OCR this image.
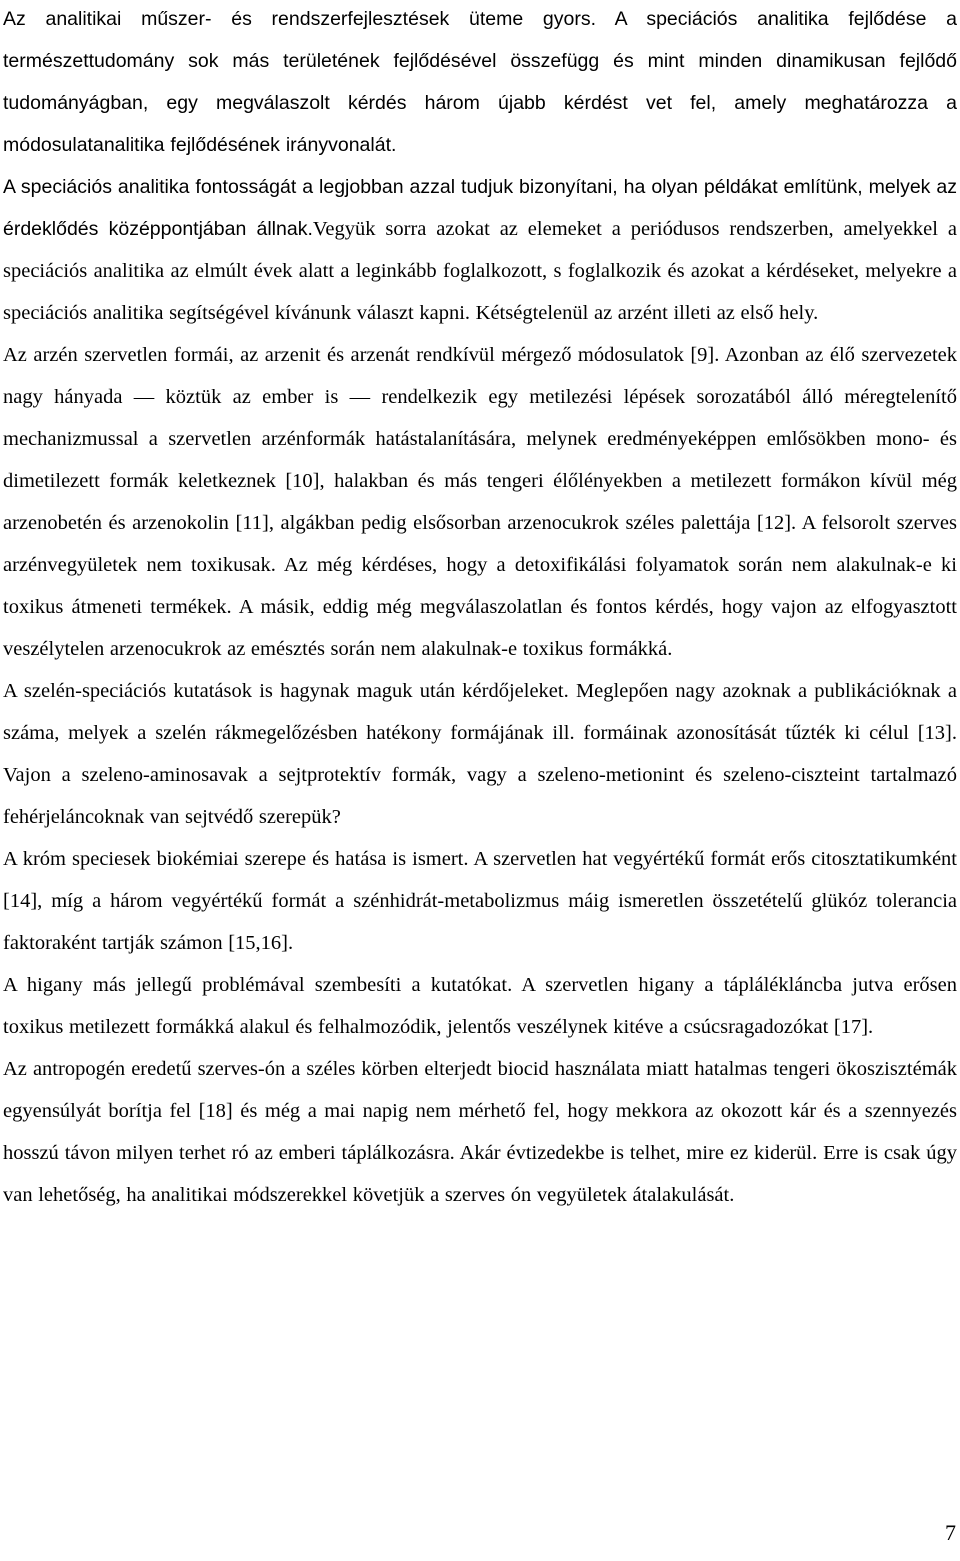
Az analitikai műszer- és rendszerfejlesztések üteme gyors. A speciációs analitika fejlődése a természettudomány sok más területének fejlődésével összefügg és mint minden dinamikusan fejlődő tudományágban, egy megválaszolt kérdés három újabb kérdést vet fel, amely meghatározza a módosulatanalitika fejlődésének irányvonalát.

A speciációs analitika fontosságát a legjobban azzal tudjuk bizonyítani, ha olyan példákat említünk, melyek az érdeklődés középpontjában állnak.Vegyük sorra azokat az elemeket a periódusos rendszerben, amelyekkel a speciációs analitika az elmúlt évek alatt a leginkább foglalkozott, s foglalkozik és azokat a kérdéseket, melyekre a speciációs analitika segítségével kívánunk választ kapni. Kétségtelenül az arzént illeti az első hely.

Az arzén szervetlen formái, az arzenit és arzenát rendkívül mérgező módosulatok [9]. Azonban az élő szervezetek nagy hányada ― köztük az ember is ― rendelkezik egy metilezési lépések sorozatából álló méregtelenítő mechanizmussal a szervetlen arzénformák hatástalanítására, melynek eredményeképpen emlősökben mono- és dimetilezett formák keletkeznek [10], halakban és más tengeri élőlényekben a metilezett formákon kívül még arzenobetén és arzenokolin [11], algákban pedig elsősorban arzenocukrok széles palettája [12]. A felsorolt szerves arzénvegyületek nem toxikusak. Az még kérdéses, hogy a detoxifikálási folyamatok során nem alakulnak-e ki toxikus átmeneti termékek. A másik, eddig még megválaszolatlan és fontos kérdés, hogy vajon az elfogyasztott veszélytelen arzenocukrok az emésztés során nem alakulnak-e toxikus formákká.

A szelén-speciációs kutatások is hagynak maguk után kérdőjeleket. Meglepően nagy azoknak a publikációknak a száma, melyek a szelén rákmegelőzésben hatékony formájának ill. formáinak azonosítását tűzték ki célul [13]. Vajon a szeleno-aminosavak a sejtprotektív formák, vagy a szeleno-metionint és szeleno-ciszteint tartalmazó fehérjeláncoknak van sejtvédő szerepük?

A króm speciesek biokémiai szerepe és hatása is ismert. A szervetlen hat vegyértékű formát erős citosztatikumként [14], míg a három vegyértékű formát a szénhidrát-metabolizmus máig ismeretlen összetételű glükóz tolerancia faktoraként tartják számon [15,16].

A higany más jellegű problémával szembesíti a kutatókat. A szervetlen higany a táplálékláncba jutva erősen toxikus metilezett formákká alakul és felhalmozódik, jelentős veszélynek kitéve a csúcsragadozókat [17].

Az antropogén eredetű szerves-ón a széles körben elterjedt biocid használata miatt hatalmas tengeri ökoszisztémák egyensúlyát borítja fel [18] és még a mai napig nem mérhető fel, hogy mekkora az okozott kár és a szennyezés hosszú távon milyen terhet ró az emberi táplálkozásra. Akár évtizedekbe is telhet, mire ez kiderül. Erre is csak úgy van lehetőség, ha analitikai módszerekkel követjük a szerves ón vegyületek átalakulását.

7
